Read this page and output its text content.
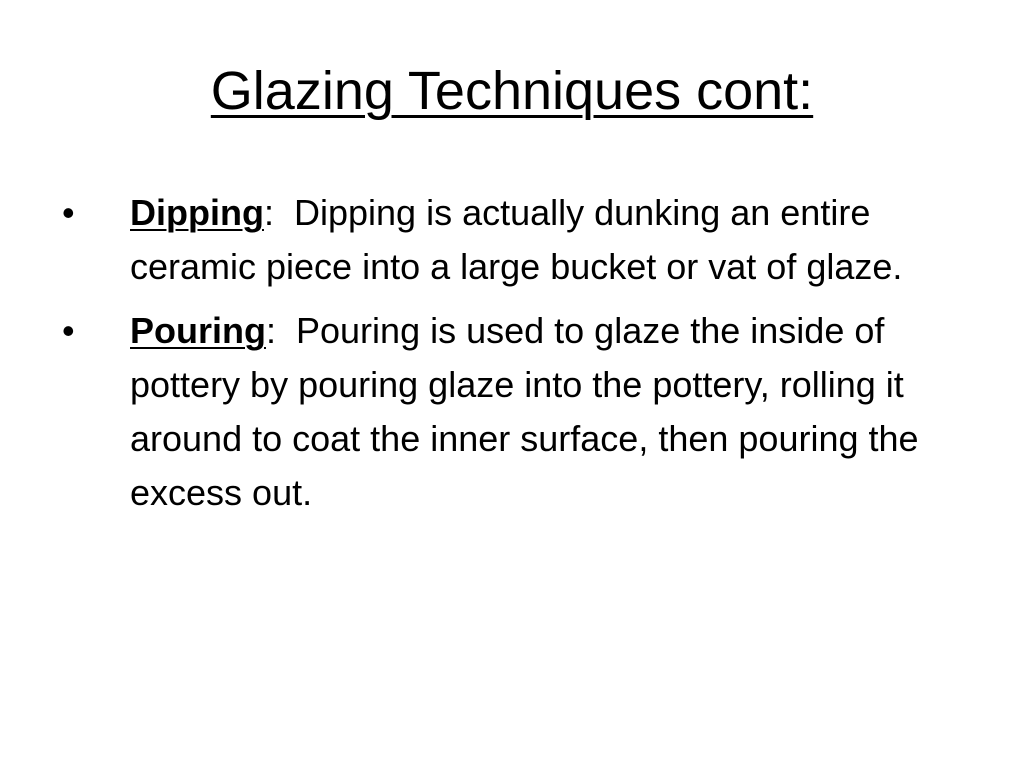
Glazing Techniques cont:
• Dipping:  Dipping is actually dunking an entire ceramic piece into a large bucket or vat of glaze.
• Pouring:  Pouring is used to glaze the inside of pottery by pouring glaze into the pottery, rolling it around to coat the inner surface, then pouring the excess out.
